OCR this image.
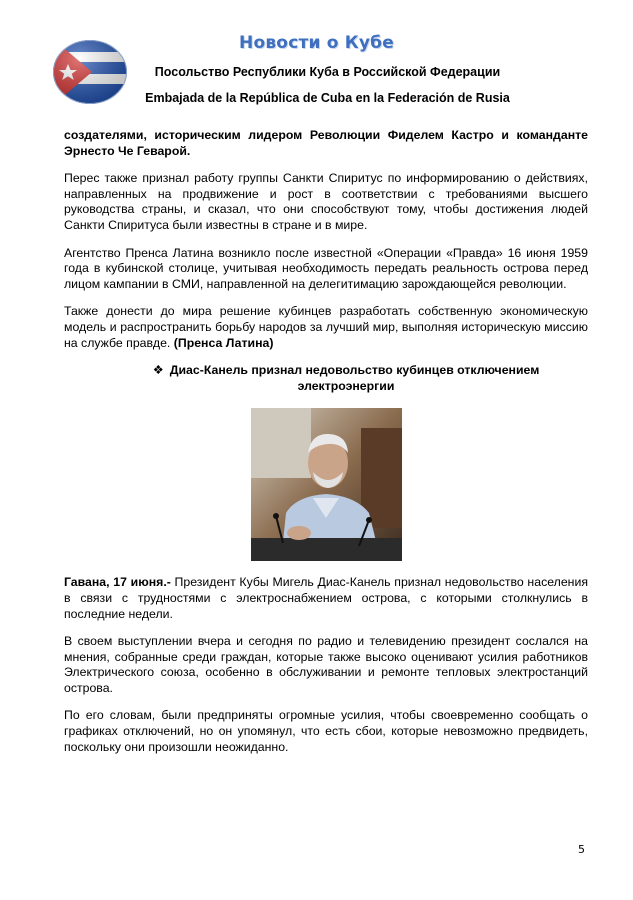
Новости о Кубе
Посольство Республики Куба в Российской Федерации
Embajada de la República de Cuba en la Federación de Rusia

создателями, историческим лидером Революции Фиделем Кастро и команданте Эрнесто Че Геварой.

Перес также признал работу группы Санкти Спиритус по информированию о действиях, направленных на продвижение и рост в соответствии с требованиями высшего руководства страны, и сказал, что они способствуют тому, чтобы достижения людей Санкти Спиритуса были известны в стране и в мире.

Агентство Пренса Латина возникло после известной «Операции «Правда» 16 июня 1959 года в кубинской столице, учитывая необходимость передать реальность острова перед лицом кампании в СМИ, направленной на делегитимацию зарождающейся революции.

Также донести до мира решение кубинцев разработать собственную экономическую модель и распространить борьбу народов за лучший мир, выполняя историческую миссию на службе правде. (Пренса Латина)

❖ Диас-Канель признал недовольство кубинцев отключением электроэнергии

Гавана, 17 июня.- Президент Кубы Мигель Диас-Канель признал недовольство населения в связи с трудностями с электроснабжением острова, с которыми столкнулись в последние недели.

В своем выступлении вчера и сегодня по радио и телевидению президент сослался на мнения, собранные среди граждан, которые также высоко оценивают усилия работников Электрического союза, особенно в обслуживании и ремонте тепловых электростанций острова.

По его словам, были предприняты огромные усилия, чтобы своевременно сообщать о графиках отключений, но он упомянул, что есть сбои, которые невозможно предвидеть, поскольку они произошли неожиданно.

5
